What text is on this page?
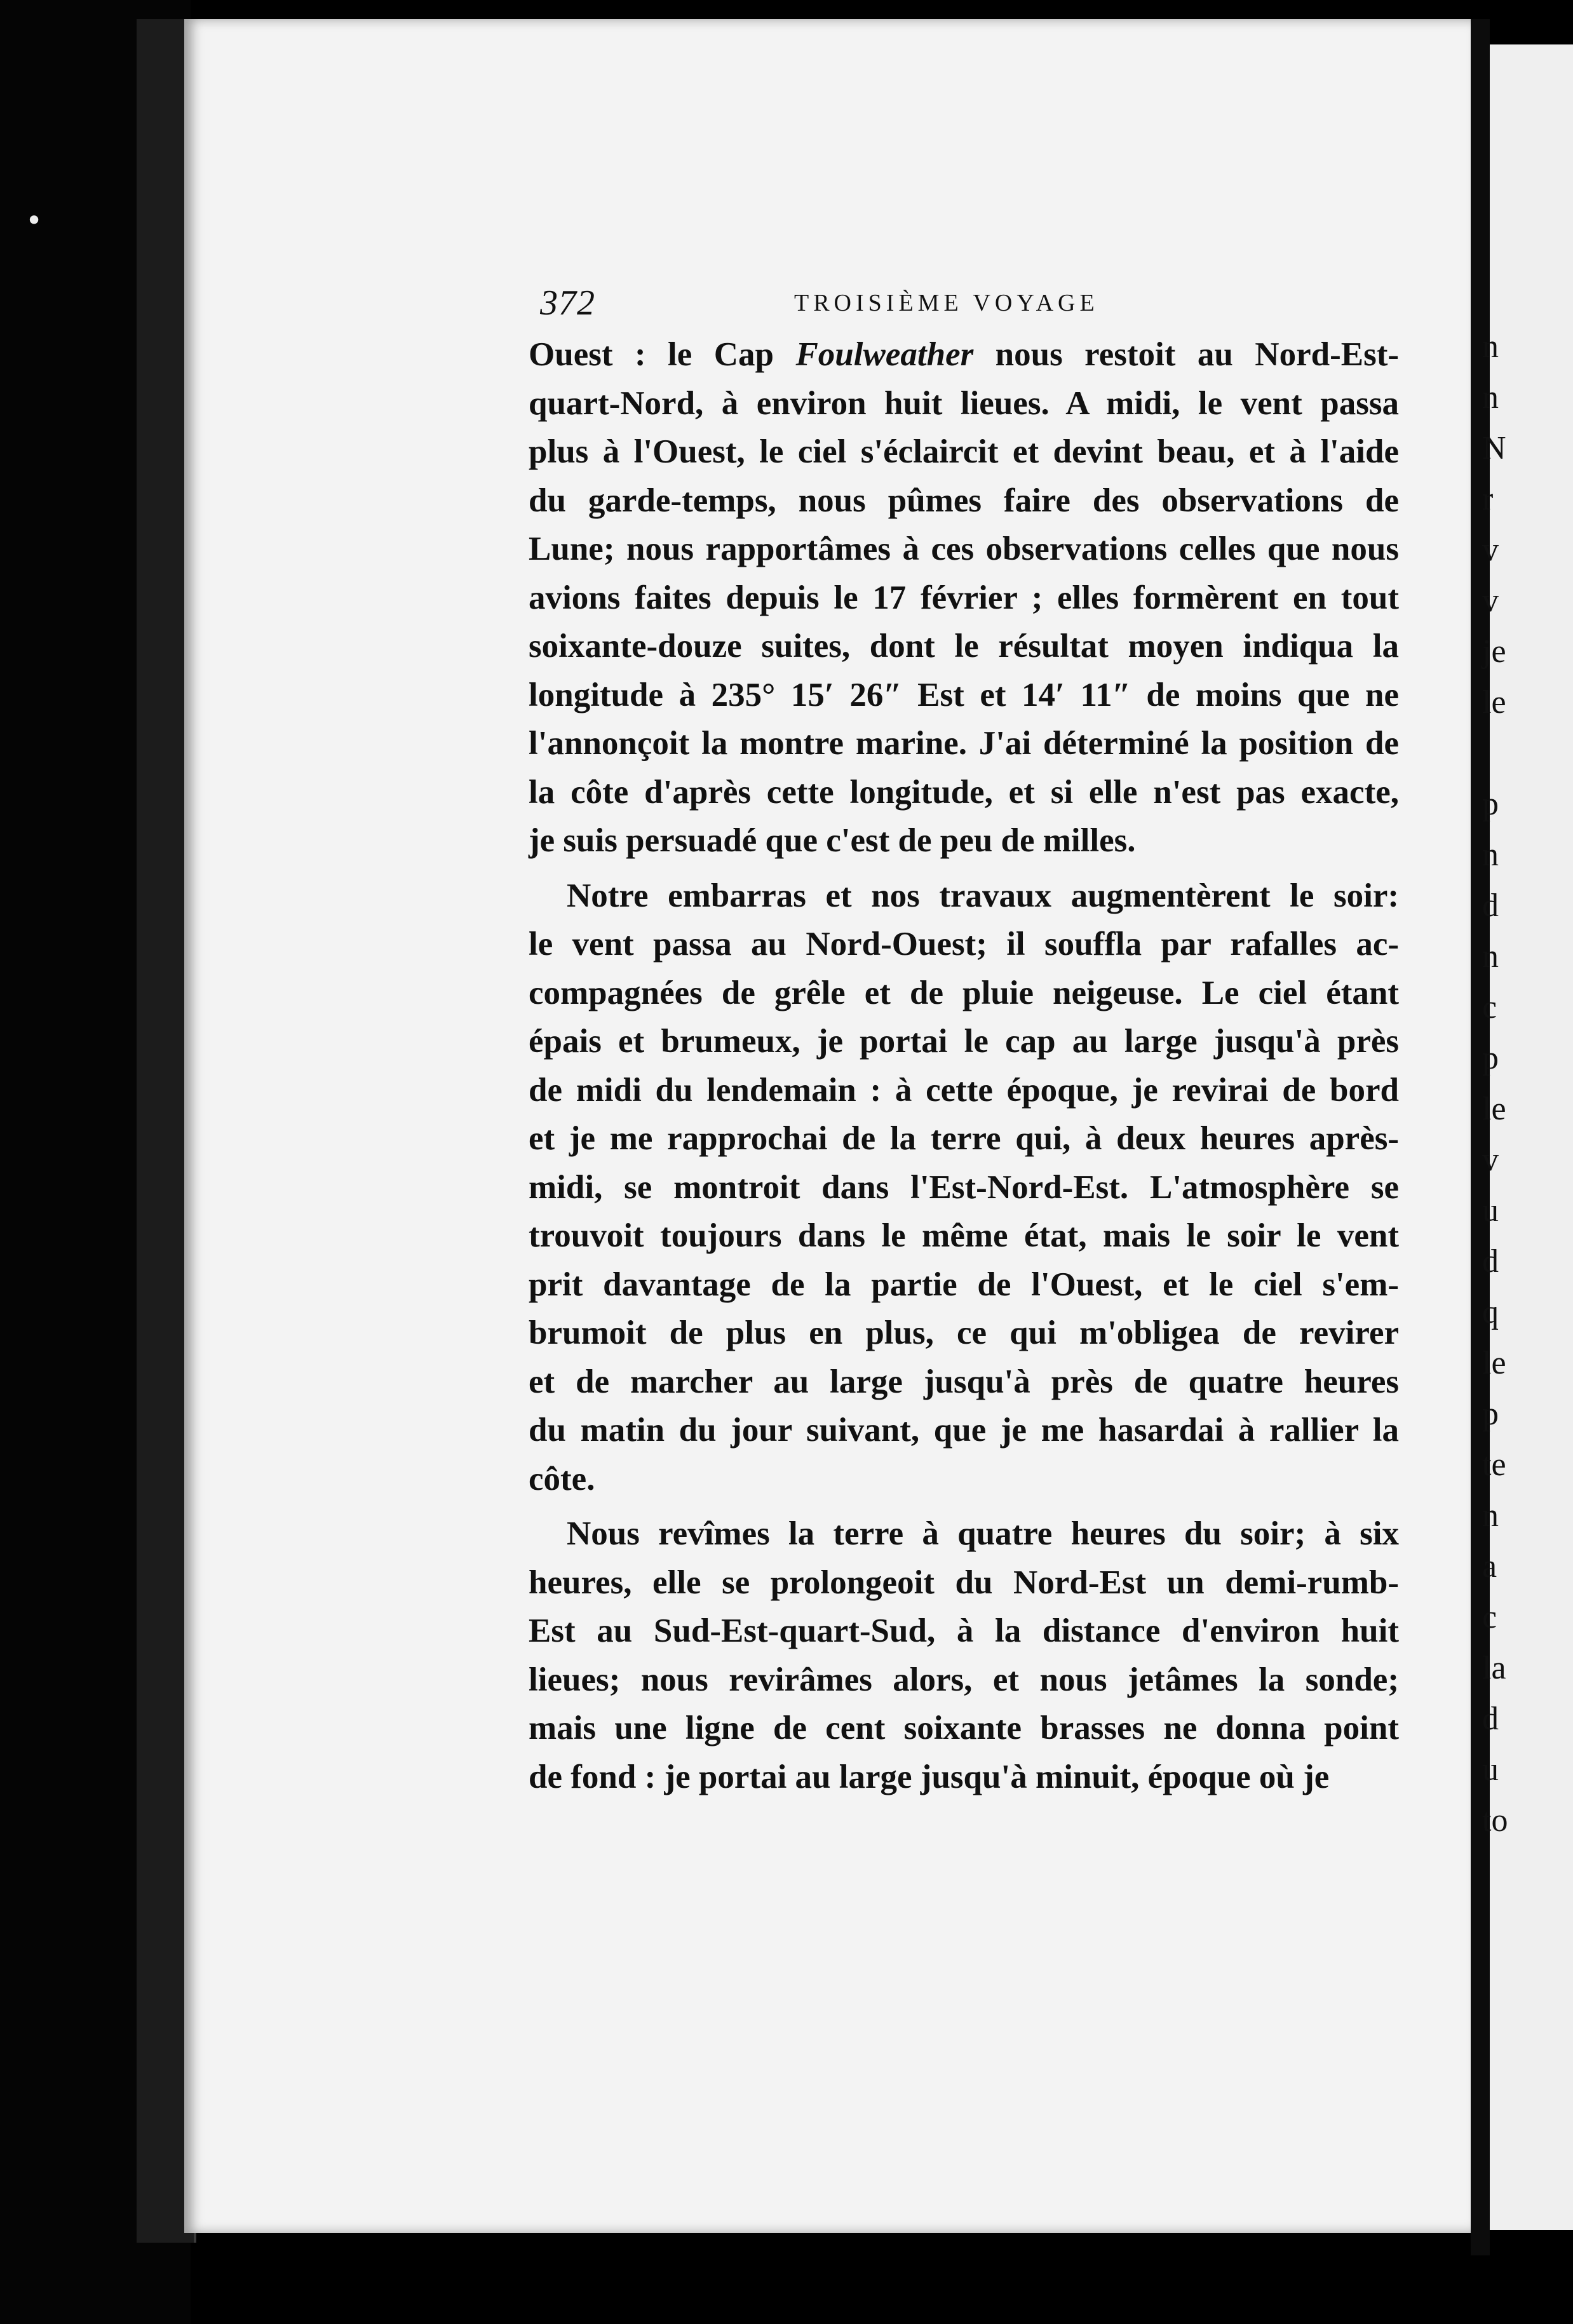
•
n
n
N
r
v
v
je
le
p
n
d
n
c
p
le
v
u
d
q
le
p
te
n
a
c
la
d
u
to
372	TROISIÈME VOYAGE

Ouest : le Cap Foulweather nous restoit au Nord-Est-
quart-Nord, à environ huit lieues. A midi, le vent passa
plus à l'Ouest, le ciel s'éclaircit et devint beau, et à l'aide
du garde-temps, nous pûmes faire des observations de
Lune; nous rapportâmes à ces observations celles que nous
avions faites depuis le 17 février ; elles formèrent en tout
soixante-douze suites, dont le résultat moyen indiqua la
longitude à 235° 15′ 26″ Est et 14′ 11″ de moins que ne
l'annonçoit la montre marine. J'ai déterminé la position de
la côte d'après cette longitude, et si elle n'est pas exacte,
je suis persuadé que c'est de peu de milles.

Notre embarras et nos travaux augmentèrent le soir:
le vent passa au Nord-Ouest; il souffla par rafalles ac-
compagnées de grêle et de pluie neigeuse. Le ciel étant
épais et brumeux, je portai le cap au large jusqu'à près
de midi du lendemain : à cette époque, je revirai de bord
et je me rapprochai de la terre qui, à deux heures après-
midi, se montroit dans l'Est-Nord-Est. L'atmosphère se
trouvoit toujours dans le même état, mais le soir le vent
prit davantage de la partie de l'Ouest, et le ciel s'em-
brumoit de plus en plus, ce qui m'obligea de revirer
et de marcher au large jusqu'à près de quatre heures
du matin du jour suivant, que je me hasardai à rallier la
côte.

Nous revîmes la terre à quatre heures du soir; à six
heures, elle se prolongeoit du Nord-Est un demi-rumb-
Est au Sud-Est-quart-Sud, à la distance d'environ huit
lieues; nous revirâmes alors, et nous jetâmes la sonde;
mais une ligne de cent soixante brasses ne donna point
de fond : je portai au large jusqu'à minuit, époque où je
